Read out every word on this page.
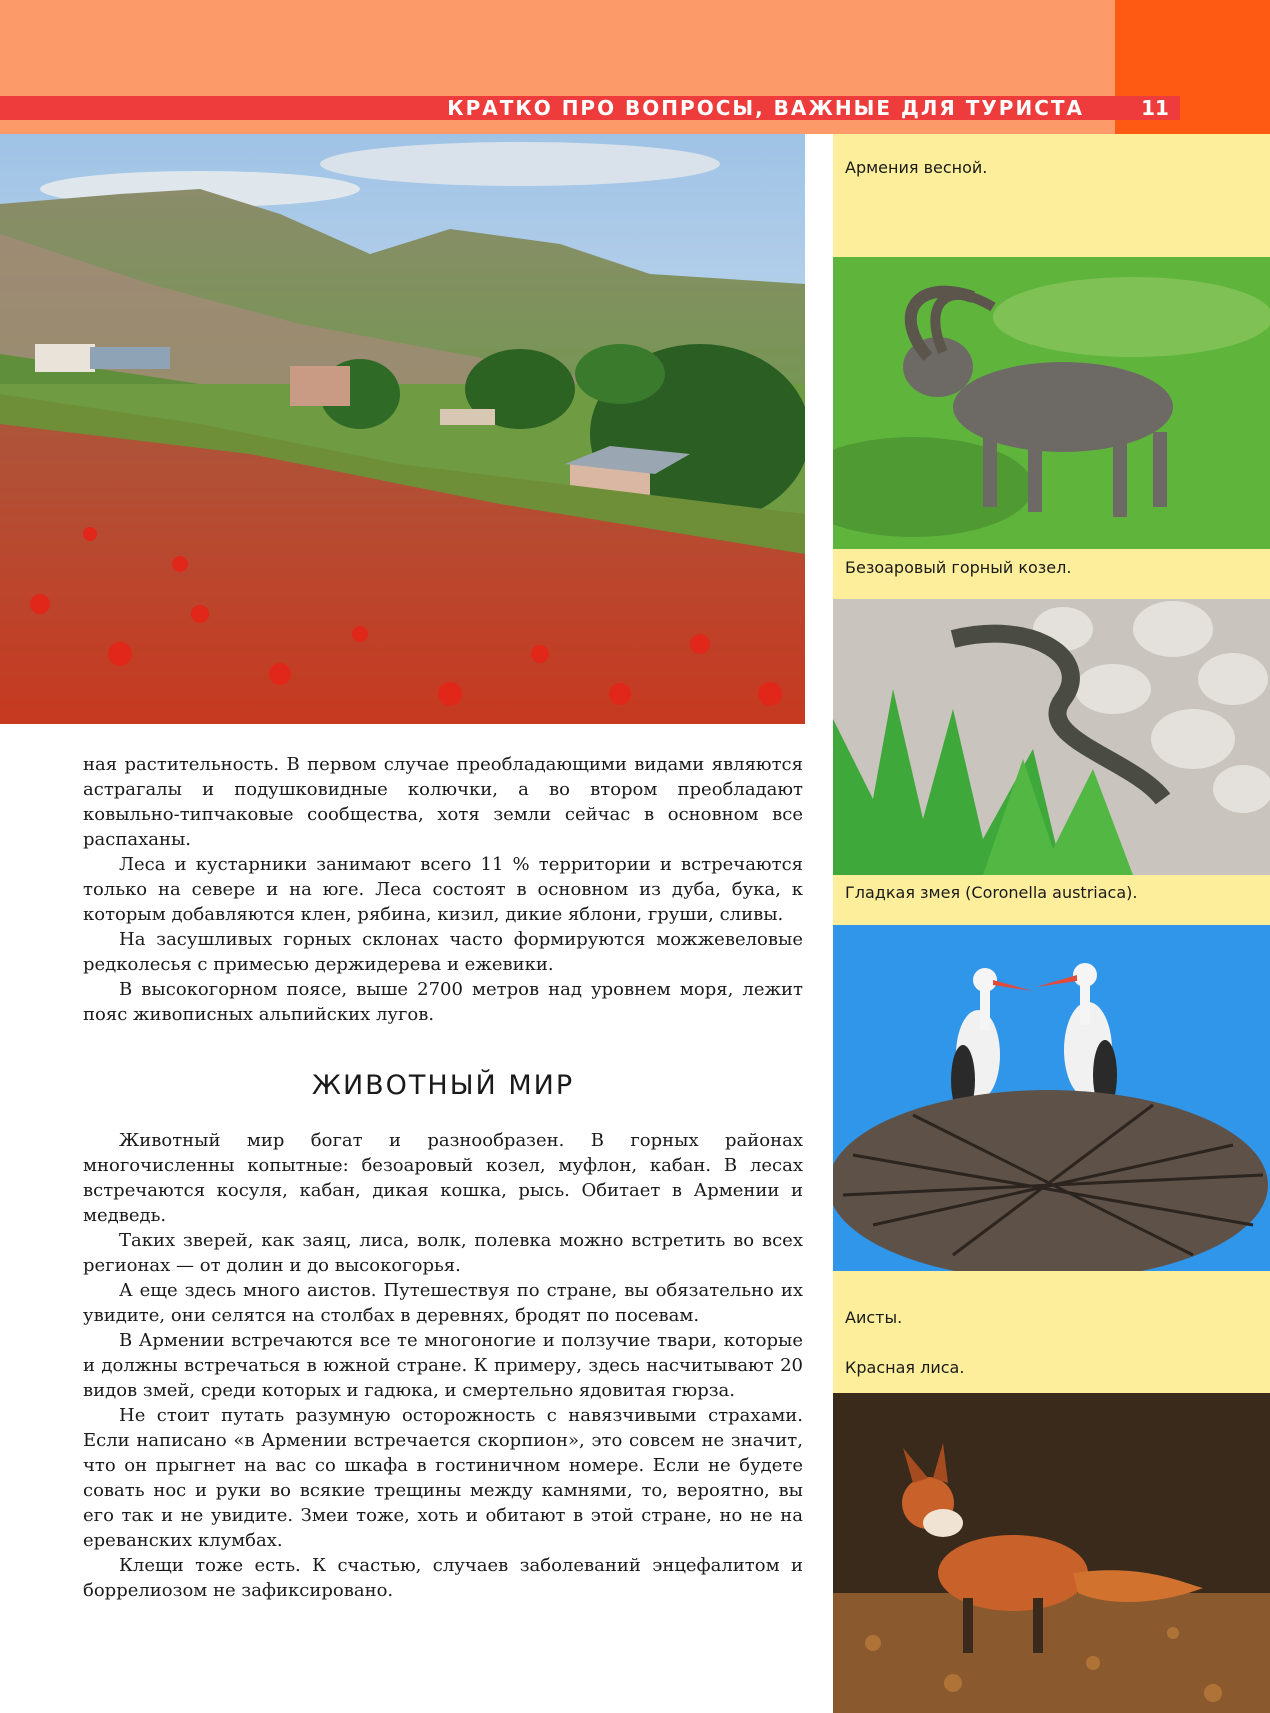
КРАТКО ПРО ВОПРОСЫ, ВАЖНЫЕ ДЛЯ ТУРИСТА	11
Армения весной.
Безоаровый горный козел.
Гладкая змея (Coronella austriaca).
Аисты.
Красная лиса.

ная растительность. В первом случае преобладающими видами являются астрагалы и подушковидные колючки, а во втором преобладают ковыльно-типчаковые сообщества, хотя земли сейчас в основном все распаханы.

Леса и кустарники занимают всего 11 % территории и встречаются только на севере и на юге. Леса состоят в основном из дуба, бука, к которым добавляются клен, рябина, кизил, дикие яблони, груши, сливы.

На засушливых горных склонах часто формируются можжевеловые редколесья с примесью держидерева и ежевики.

В высокогорном поясе, выше 2700 метров над уровнем моря, лежит пояс живописных альпийских лугов.

ЖИВОТНЫЙ МИР

Животный мир богат и разнообразен. В горных районах многочисленны копытные: безоаровый козел, муфлон, кабан. В лесах встречаются косуля, кабан, дикая кошка, рысь. Обитает в Армении и медведь.

Таких зверей, как заяц, лиса, волк, полевка можно встретить во всех регионах — от долин и до высокогорья.

А еще здесь много аистов. Путешествуя по стране, вы обязательно их увидите, они селятся на столбах в деревнях, бродят по посевам.

В Армении встречаются все те многоногие и ползучие твари, которые и должны встречаться в южной стране. К примеру, здесь насчитывают 20 видов змей, среди которых и гадюка, и смертельно ядовитая гюрза.

Не стоит путать разумную осторожность с навязчивыми страхами. Если написано «в Армении встречается скорпион», это совсем не значит, что он прыгнет на вас со шкафа в гостиничном номере. Если не будете совать нос и руки во всякие трещины между камнями, то, вероятно, вы его так и не увидите. Змеи тоже, хоть и обитают в этой стране, но не на ереванских клумбах.

Клещи тоже есть. К счастью, случаев заболеваний энцефалитом и боррелиозом не зафиксировано.
